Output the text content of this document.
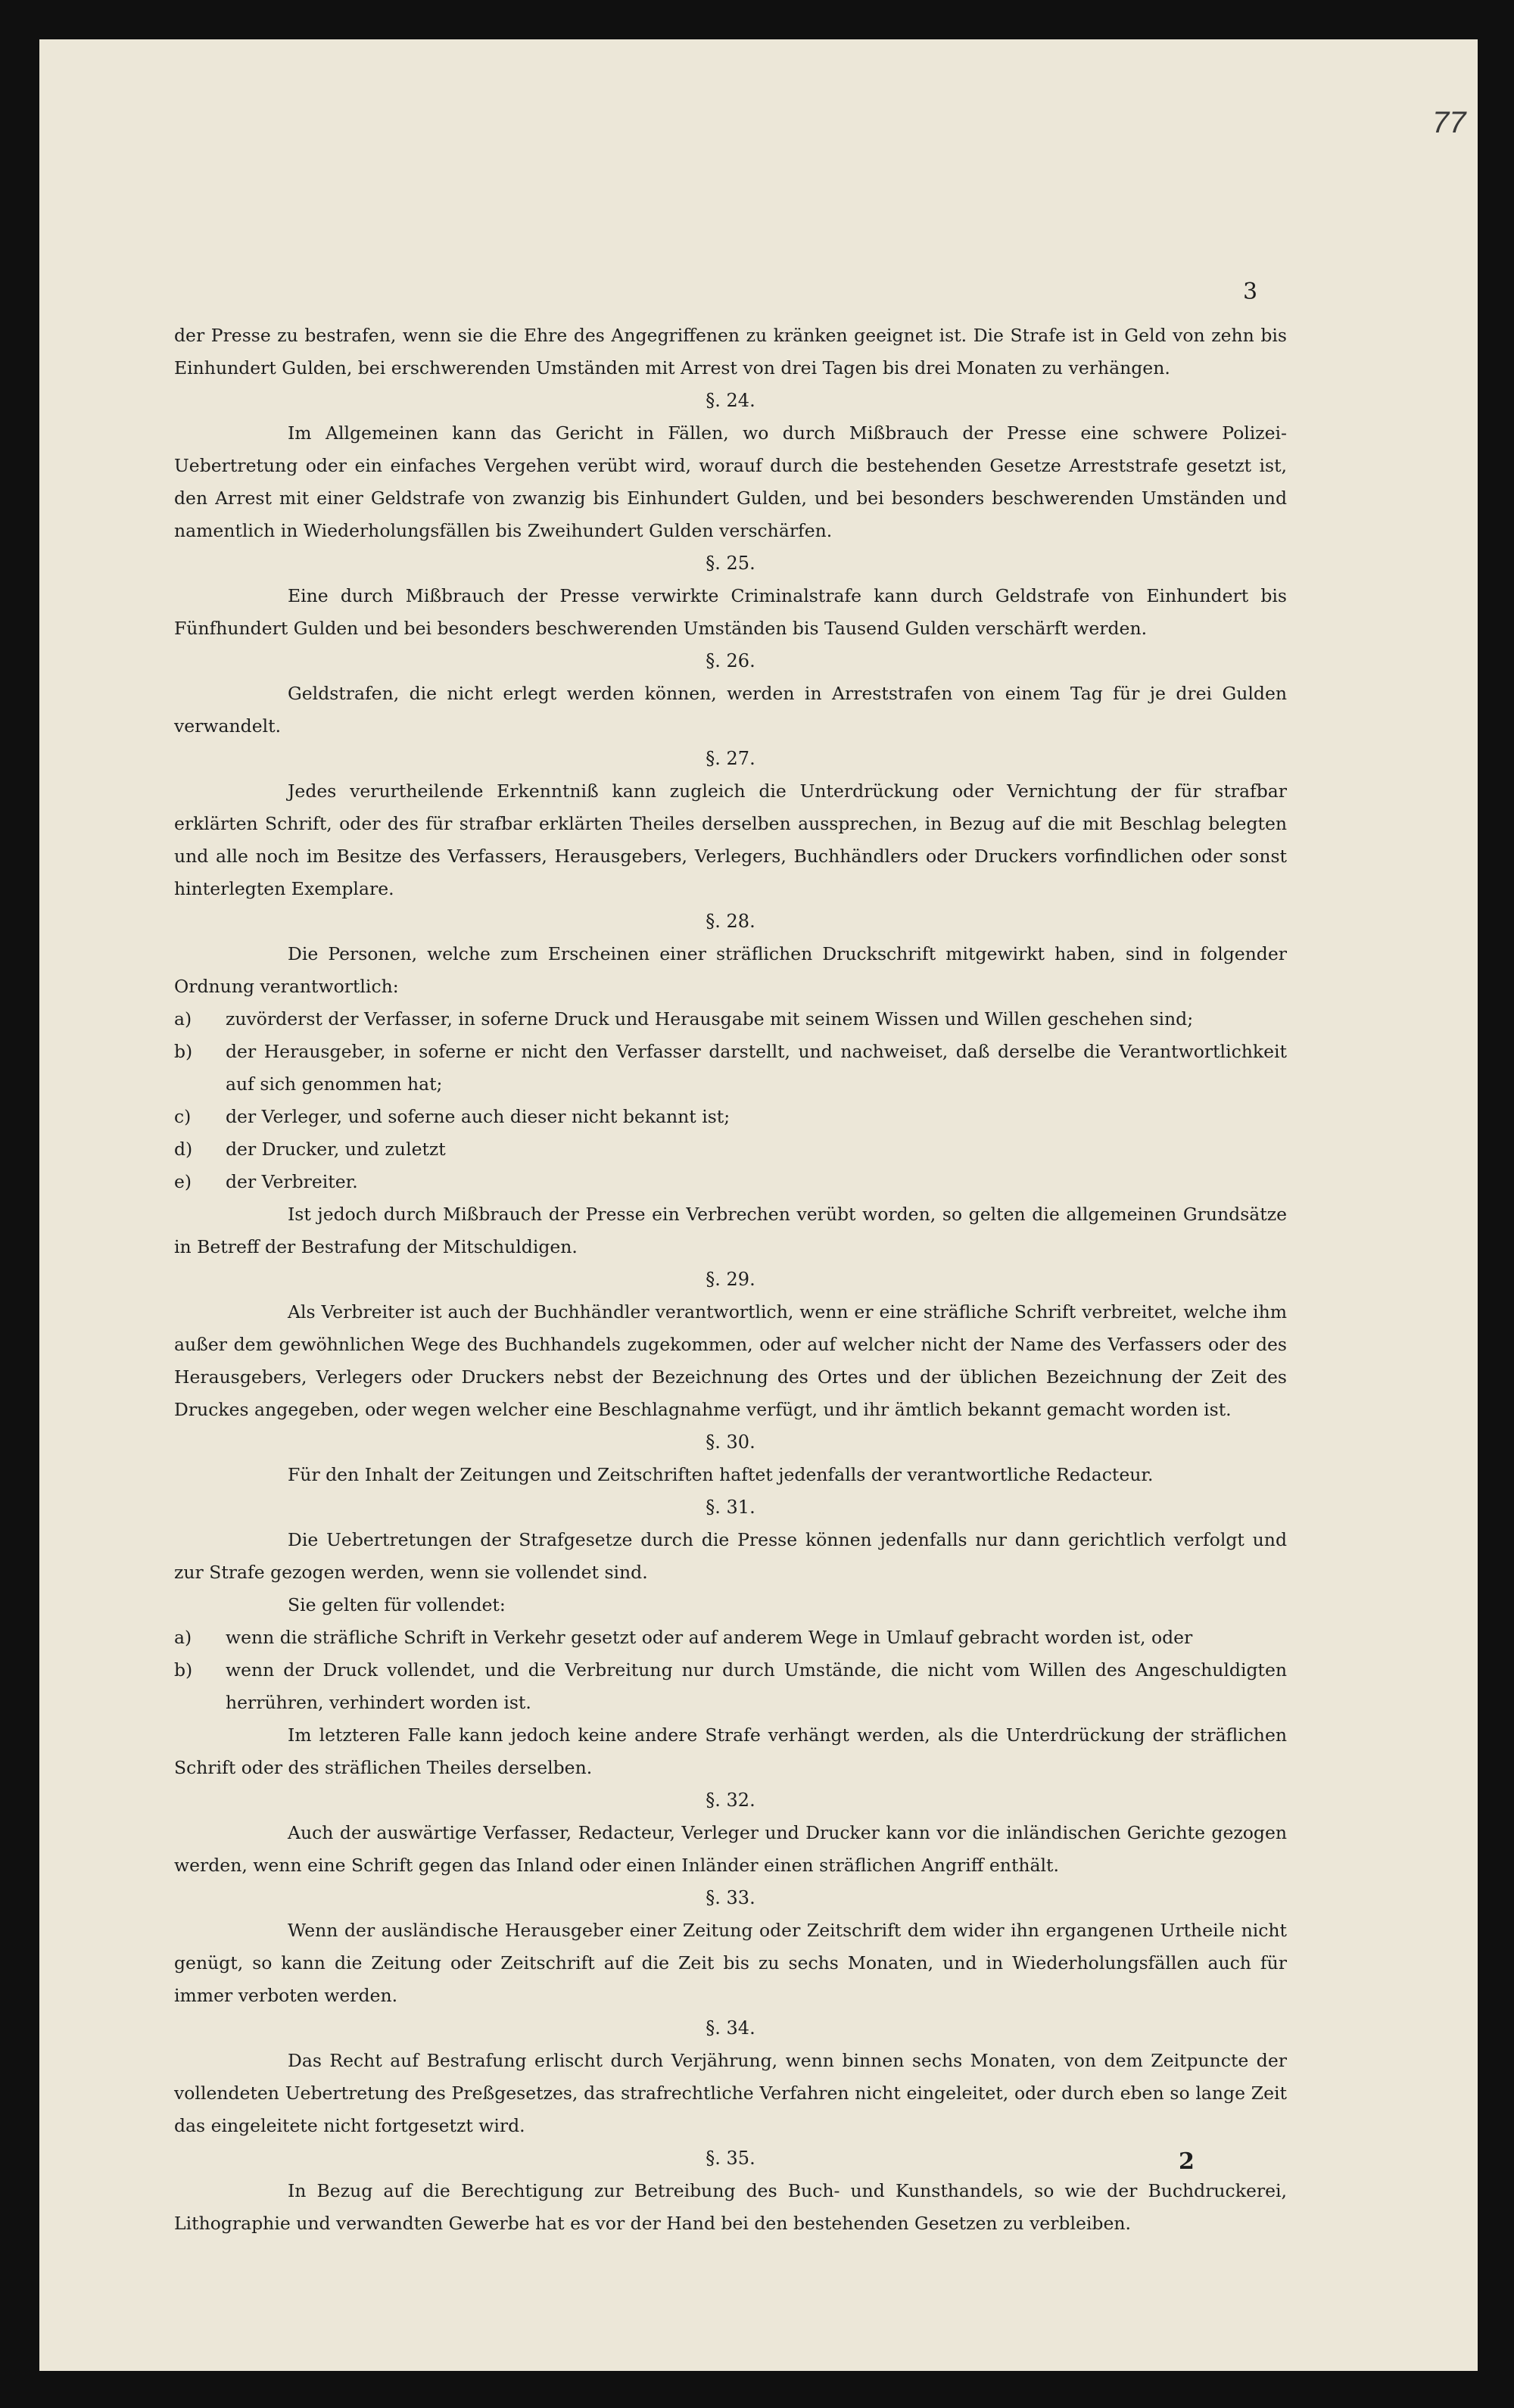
77
3

der Presse zu bestrafen, wenn sie die Ehre des Angegriffenen zu kränken geeignet ist. Die Strafe ist in Geld von zehn bis Einhundert Gulden, bei erschwerenden Umständen mit Arrest von drei Tagen bis drei Monaten zu verhängen.

§. 24.

Im Allgemeinen kann das Gericht in Fällen, wo durch Mißbrauch der Presse eine schwere Polizei-Uebertretung oder ein einfaches Vergehen verübt wird, worauf durch die bestehenden Gesetze Arreststrafe gesetzt ist, den Arrest mit einer Geldstrafe von zwanzig bis Einhundert Gulden, und bei besonders beschwerenden Umständen und namentlich in Wiederholungsfällen bis Zweihundert Gulden verschärfen.

§. 25.

Eine durch Mißbrauch der Presse verwirkte Criminalstrafe kann durch Geldstrafe von Einhundert bis Fünfhundert Gulden und bei besonders beschwerenden Umständen bis Tausend Gulden verschärft werden.

§. 26.

Geldstrafen, die nicht erlegt werden können, werden in Arreststrafen von einem Tag für je drei Gulden verwandelt.

§. 27.

Jedes verurtheilende Erkenntniß kann zugleich die Unterdrückung oder Vernichtung der für strafbar erklärten Schrift, oder des für strafbar erklärten Theiles derselben aussprechen, in Bezug auf die mit Beschlag belegten und alle noch im Besitze des Verfassers, Herausgebers, Verlegers, Buchhändlers oder Druckers vorfindlichen oder sonst hinterlegten Exemplare.

§. 28.

Die Personen, welche zum Erscheinen einer sträflichen Druckschrift mitgewirkt haben, sind in folgender Ordnung verantwortlich:

a)	zuvörderst der Verfasser, in soferne Druck und Herausgabe mit seinem Wissen und Willen geschehen sind;
b)	der Herausgeber, in soferne er nicht den Verfasser darstellt, und nachweiset, daß derselbe die Verantwortlichkeit auf sich genommen hat;
c)	der Verleger, und soferne auch dieser nicht bekannt ist;
d)	der Drucker, und zuletzt
e)	der Verbreiter.

Ist jedoch durch Mißbrauch der Presse ein Verbrechen verübt worden, so gelten die allgemeinen Grundsätze in Betreff der Bestrafung der Mitschuldigen.

§. 29.

Als Verbreiter ist auch der Buchhändler verantwortlich, wenn er eine sträfliche Schrift verbreitet, welche ihm außer dem gewöhnlichen Wege des Buchhandels zugekommen, oder auf welcher nicht der Name des Verfassers oder des Herausgebers, Verlegers oder Druckers nebst der Bezeichnung des Ortes und der üblichen Bezeichnung der Zeit des Druckes angegeben, oder wegen welcher eine Beschlagnahme verfügt, und ihr ämtlich bekannt gemacht worden ist.

§. 30.

Für den Inhalt der Zeitungen und Zeitschriften haftet jedenfalls der verantwortliche Redacteur.

§. 31.

Die Uebertretungen der Strafgesetze durch die Presse können jedenfalls nur dann gerichtlich verfolgt und zur Strafe gezogen werden, wenn sie vollendet sind.

Sie gelten für vollendet:

a)	wenn die sträfliche Schrift in Verkehr gesetzt oder auf anderem Wege in Umlauf gebracht worden ist, oder
b)	wenn der Druck vollendet, und die Verbreitung nur durch Umstände, die nicht vom Willen des Angeschuldigten herrühren, verhindert worden ist.

Im letzteren Falle kann jedoch keine andere Strafe verhängt werden, als die Unterdrückung der sträflichen Schrift oder des sträflichen Theiles derselben.

§. 32.

Auch der auswärtige Verfasser, Redacteur, Verleger und Drucker kann vor die inländischen Gerichte gezogen werden, wenn eine Schrift gegen das Inland oder einen Inländer einen sträflichen Angriff enthält.

§. 33.

Wenn der ausländische Herausgeber einer Zeitung oder Zeitschrift dem wider ihn ergangenen Urtheile nicht genügt, so kann die Zeitung oder Zeitschrift auf die Zeit bis zu sechs Monaten, und in Wiederholungsfällen auch für immer verboten werden.

§. 34.

Das Recht auf Bestrafung erlischt durch Verjährung, wenn binnen sechs Monaten, von dem Zeitpuncte der vollendeten Uebertretung des Preßgesetzes, das strafrechtliche Verfahren nicht eingeleitet, oder durch eben so lange Zeit das eingeleitete nicht fortgesetzt wird.

§. 35.

In Bezug auf die Berechtigung zur Betreibung des Buch- und Kunsthandels, so wie der Buchdruckerei, Lithographie und verwandten Gewerbe hat es vor der Hand bei den bestehenden Gesetzen zu verbleiben.

2
